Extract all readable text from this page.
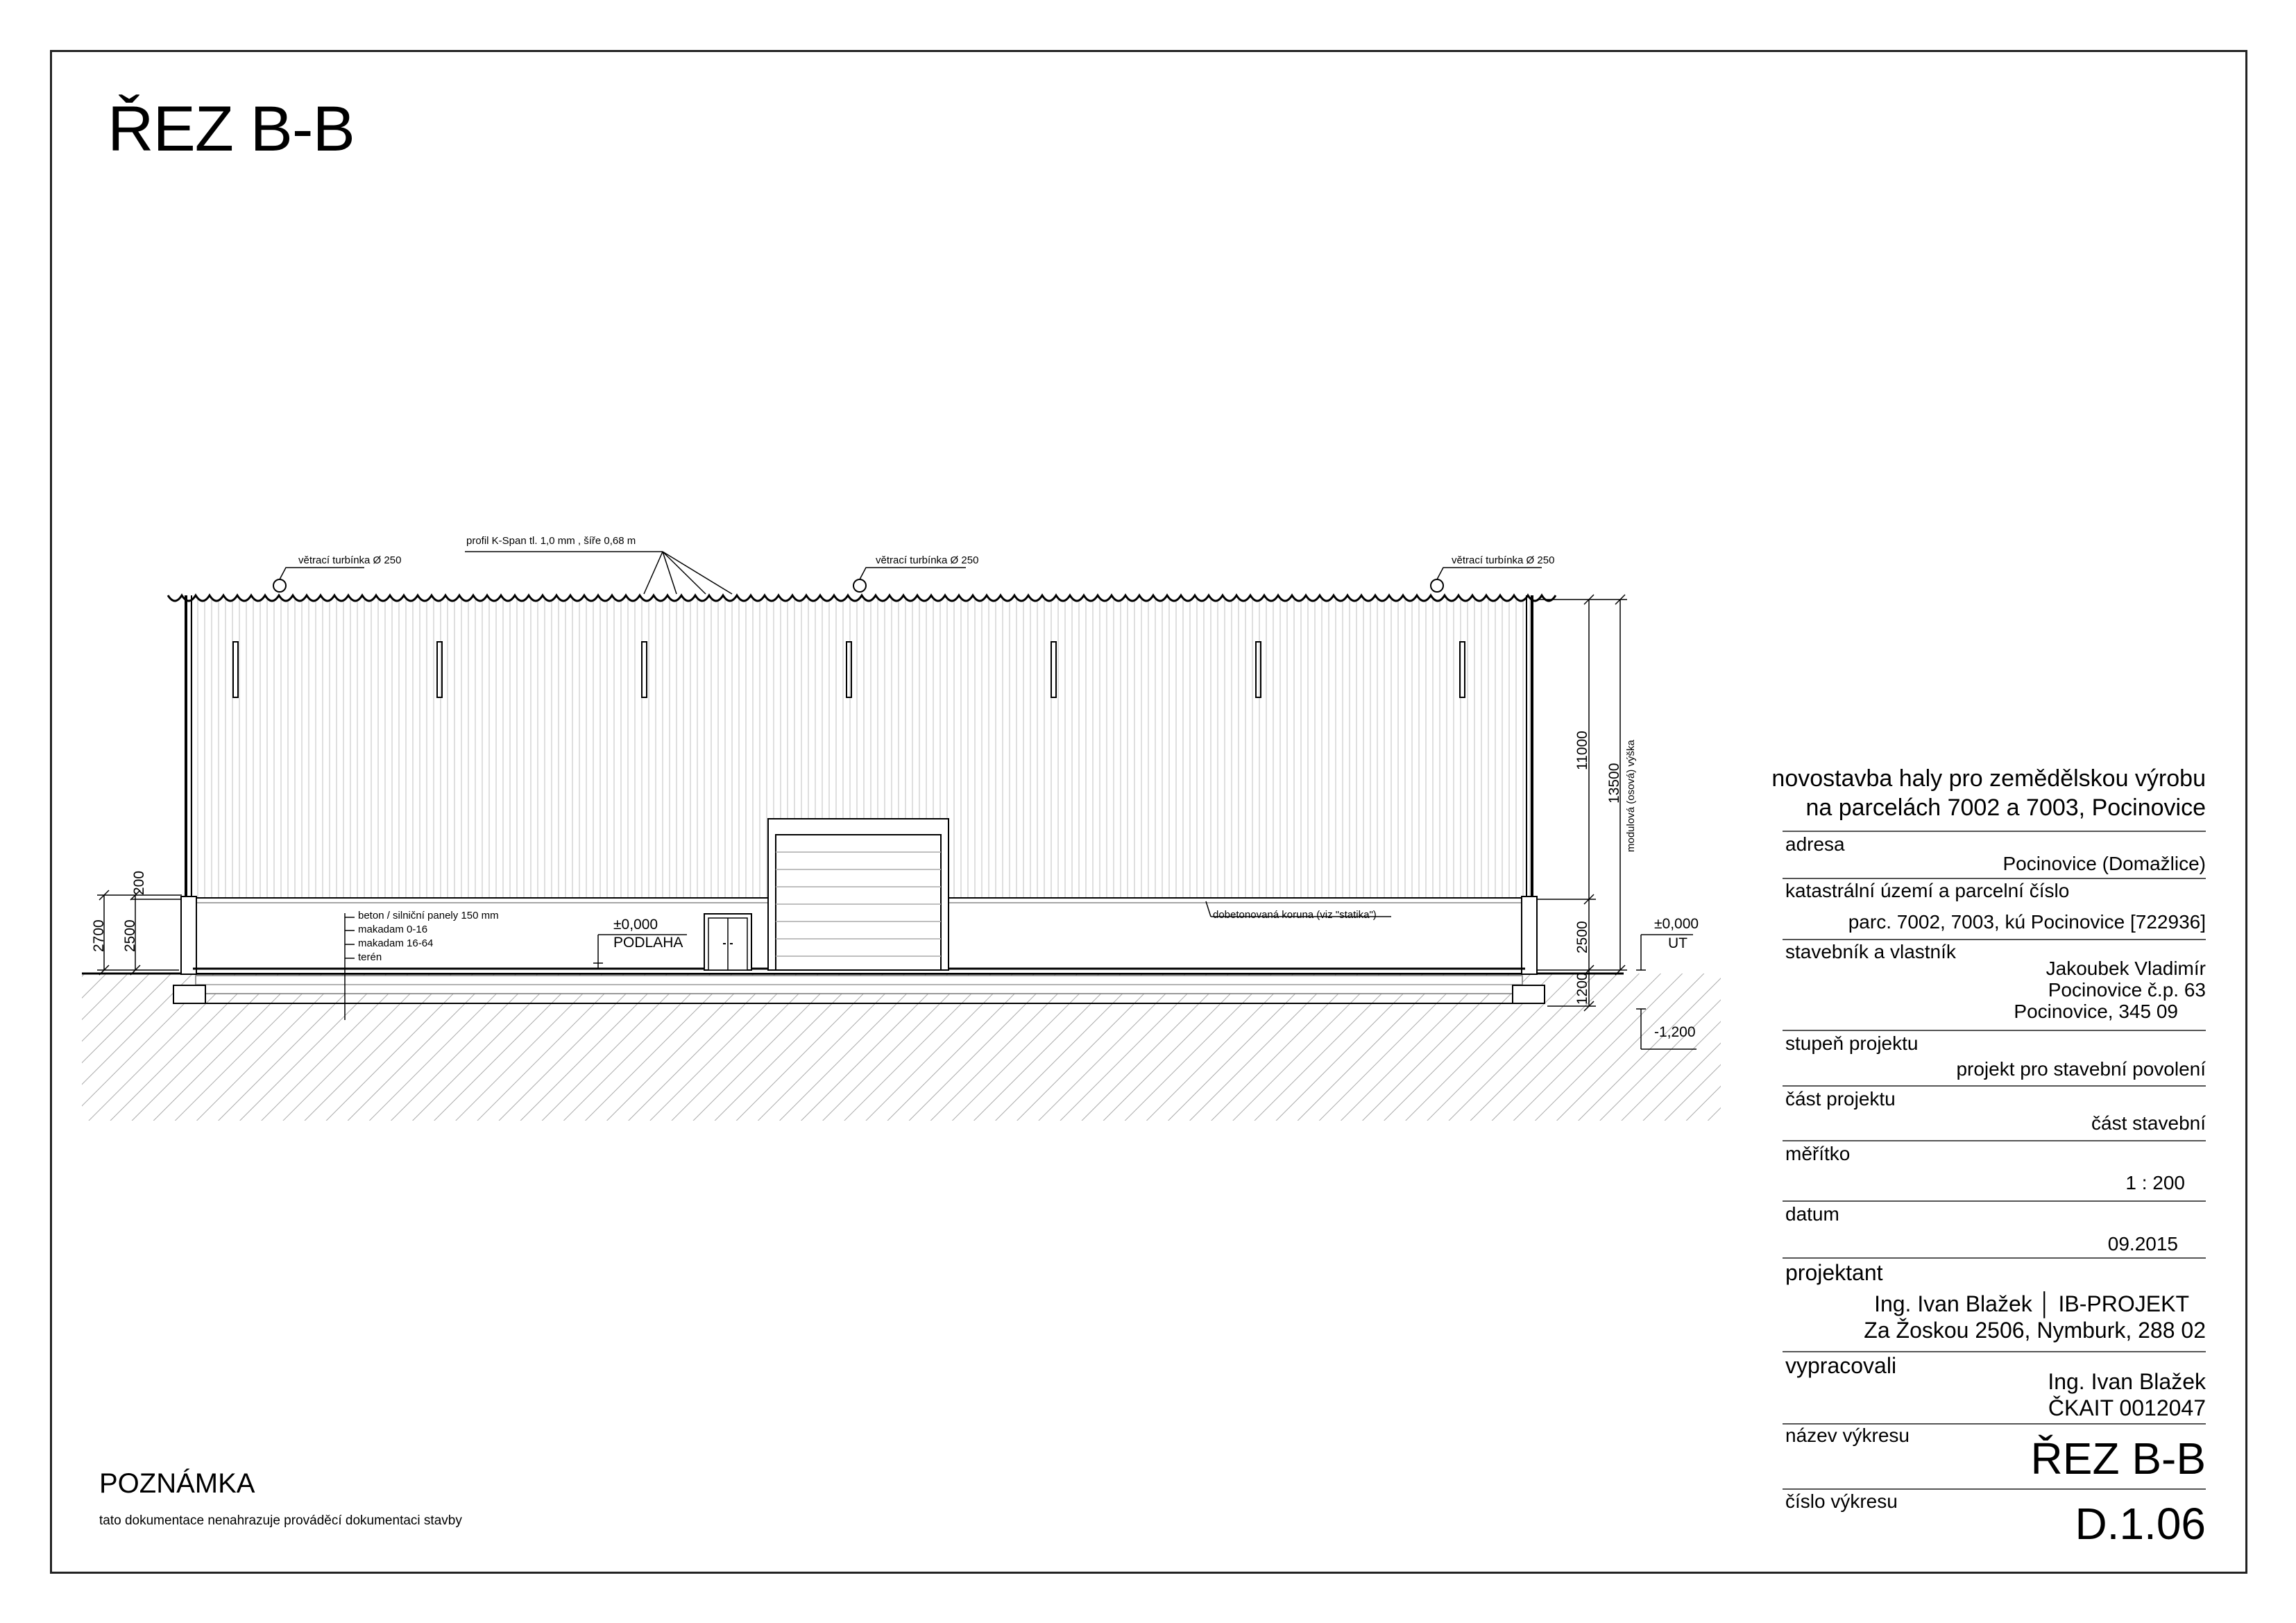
ŘEZ B-B
profil K-Span tl. 1,0 mm , šíře 0,68 m
větrací turbínka Ø 250	větrací turbínka Ø 250	větrací turbínka Ø 250
beton / silniční panely 150 mm
makadam 0-16
makadam 16-64
terén
±0,000
PODLAHA
dobetonovaná koruna (viz "statika")
±0,000
UT
-1,200
200
2700 2500
11000
13500 modulová (osová) výška
2500
1200
POZNÁMKA
tato dokumentace nenahrazuje prováděcí dokumentaci stavby
novostavba haly pro zemědělskou výrobu
na parcelách 7002 a 7003, Pocinovice
adresa
Pocinovice (Domažlice)
katastrální území a parcelní číslo
parc. 7002, 7003, kú Pocinovice [722936]
stavebník a vlastník
Jakoubek Vladimír
Pocinovice č.p. 63
Pocinovice, 345 09
stupeň projektu
projekt pro stavební povolení
část projektu
část stavební
měřítko
1 : 200
datum
09.2015
projektant
Ing. Ivan Blažek │ IB-PROJEKT
Za Žoskou 2506, Nymburk, 288 02
vypracovali
Ing. Ivan Blažek
ČKAIT 0012047
název výkresu	ŘEZ B-B
číslo výkresu	D.1.06
